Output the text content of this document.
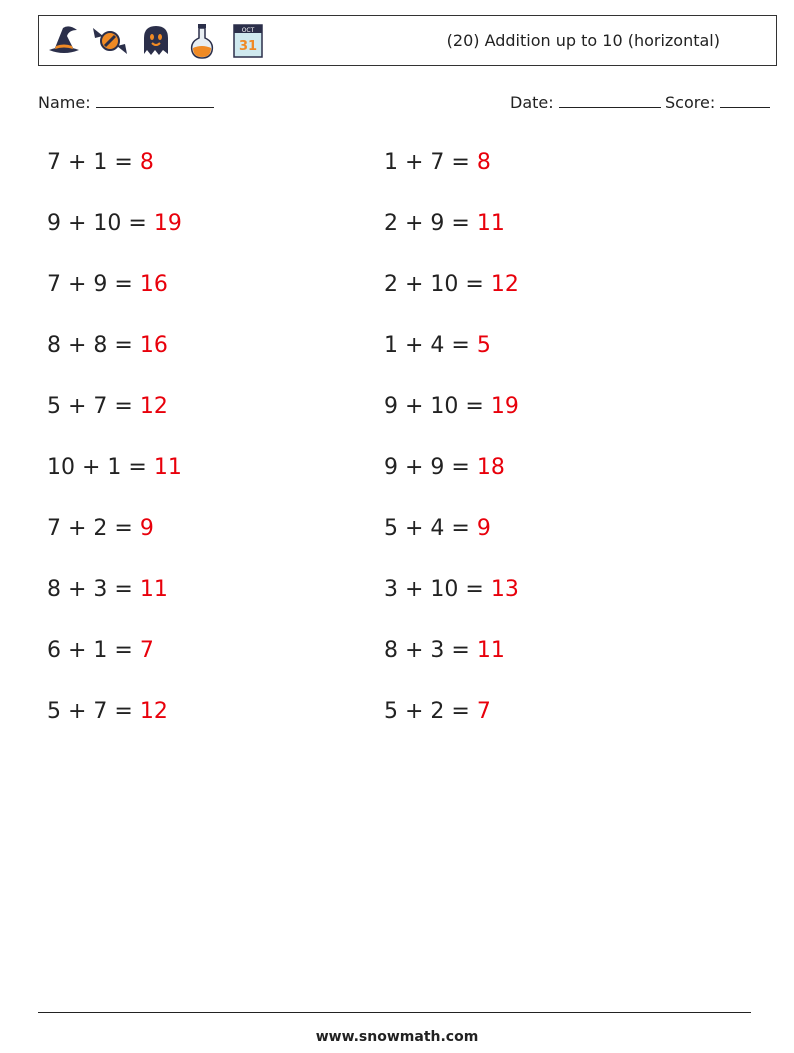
OCT
31	(20) Addition up to 10 (horizontal)
Name:	Date:	Score:
7 + 1 = 8	1 + 7 = 8
9 + 10 = 19	2 + 9 = 11
7 + 9 = 16	2 + 10 = 12
8 + 8 = 16	1 + 4 = 5
5 + 7 = 12	9 + 10 = 19
10 + 1 = 11	9 + 9 = 18
7 + 2 = 9	5 + 4 = 9
8 + 3 = 11	3 + 10 = 13
6 + 1 = 7	8 + 3 = 11
5 + 7 = 12	5 + 2 = 7
www.snowmath.com
